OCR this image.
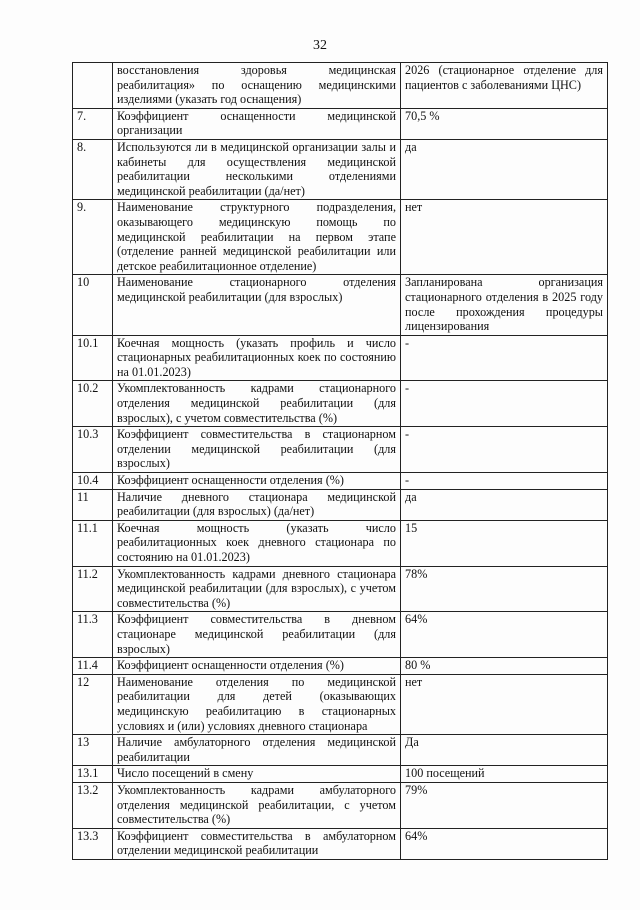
32
	восстановления здоровья медицинская реабилитация» по оснащению медицинскими изделиями (указать год оснащения)	2026 (стационарное отделение для пациентов с заболеваниями ЦНС)
7.	Коэффициент оснащенности медицинской организации	70,5 %
8.	Используются ли в медицинской организации залы и кабинеты для осуществления медицинской реабилитации несколькими отделениями медицинской реабилитации (да/нет)	да
9.	Наименование структурного подразделения, оказывающего медицинскую помощь по медицинской реабилитации на первом этапе (отделение ранней медицинской реабилитации или детское реабилитационное отделение)	нет
10	Наименование стационарного отделения медицинской реабилитации (для взрослых)	Запланирована организация стационарного отделения в 2025 году после прохождения процедуры лицензирования
10.1	Коечная мощность (указать профиль и число стационарных реабилитационных коек по состоянию на 01.01.2023)	-
10.2	Укомплектованность кадрами стационарного отделения медицинской реабилитации (для взрослых), с учетом совместительства (%)	-
10.3	Коэффициент совместительства в стационарном отделении медицинской реабилитации (для взрослых)	-
10.4	Коэффициент оснащенности отделения (%)	-
11	Наличие дневного стационара медицинской реабилитации (для взрослых) (да/нет)	да
11.1	Коечная мощность (указать число реабилитационных коек дневного стационара по состоянию на 01.01.2023)	15
11.2	Укомплектованность кадрами дневного стационара медицинской реабилитации (для взрослых), с учетом совместительства (%)	78%
11.3	Коэффициент совместительства в дневном стационаре медицинской реабилитации (для взрослых)	64%
11.4	Коэффициент оснащенности отделения (%)	80 %
12	Наименование отделения по медицинской реабилитации для детей (оказывающих медицинскую реабилитацию в стационарных условиях и (или) условиях дневного стационара	нет
13	Наличие амбулаторного отделения медицинской реабилитации	Да
13.1	Число посещений в смену	100 посещений
13.2	Укомплектованность кадрами амбулаторного отделения медицинской реабилитации, с учетом совместительства (%)	79%
13.3	Коэффициент совместительства в амбулаторном отделении медицинской реабилитации	64%
